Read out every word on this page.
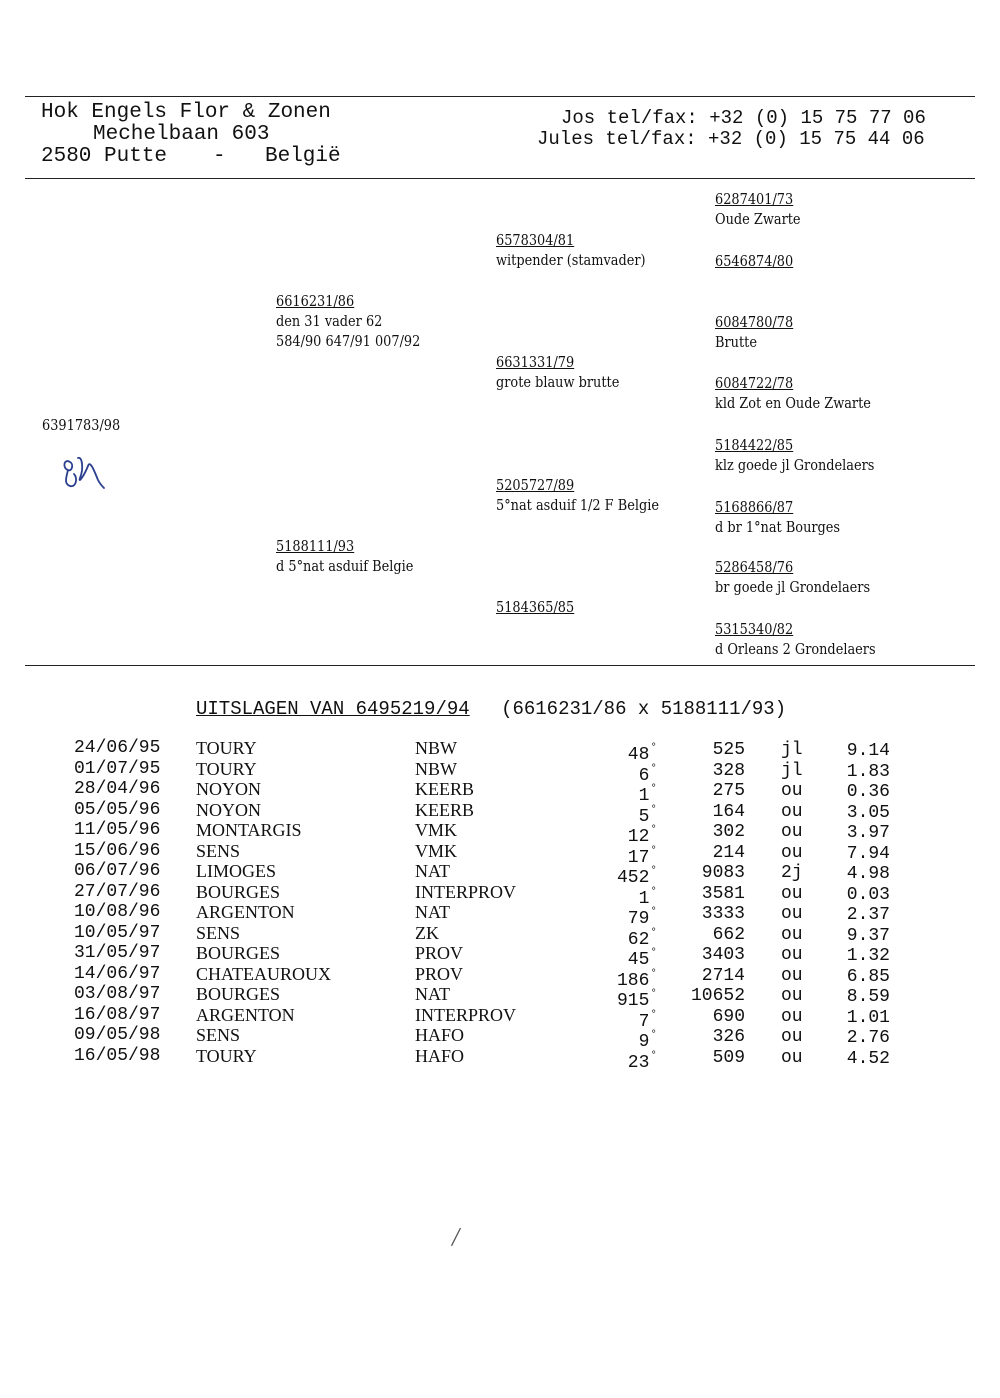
Hok Engels Flor & Zonen
Mechelbaan 603
2580 Putte - België
Jos tel/fax: +32 (0) 15 75 77 06
Jules tel/fax: +32 (0) 15 75 44 06
6391783/98
6616231/86
den 31 vader 62
584/90 647/91 007/92
5188111/93
d 5°nat asduif Belgie
6578304/81
witpender (stamvader)
6631331/79
grote blauw brutte
5205727/89
5°nat asduif 1/2 F Belgie
5184365/85
6287401/73
Oude Zwarte
6546874/80
6084780/78
Brutte
6084722/78
kld Zot en Oude Zwarte
5184422/85
klz goede jl Grondelaers
5168866/87
d br 1°nat Bourges
5286458/76
br goede jl Grondelaers
5315340/82
d Orleans 2 Grondelaers
UITSLAGEN VAN 6495219/94 (6616231/86 x 5188111/93)
24/06/95 TOURY	NBW	48°	525 jl 9.14
01/07/95 TOURY	NBW	6°	328 jl 1.83
28/04/96 NOYON	KEERB	1°	275 ou 0.36
05/05/96 NOYON	KEERB	5°	164 ou 3.05
11/05/96 MONTARGIS	VMK	12°	302 ou 3.97
15/06/96 SENS	VMK	17°	214 ou 7.94
06/07/96 LIMOGES	NAT	452° 9083 2j 4.98
27/07/96 BOURGES	INTERPROV	1° 3581 ou 0.03
10/08/96 ARGENTON	NAT	79° 3333 ou 2.37
10/05/97 SENS	ZK	62°	662 ou 9.37
31/05/97 BOURGES	PROV	45° 3403 ou 1.32
14/06/97 CHATEAUROUX	PROV	186° 2714 ou 6.85
03/08/97 BOURGES	NAT	915° 10652 ou 8.59
16/08/97 ARGENTON	INTERPROV	7°	690 ou 1.01
09/05/98 SENS	HAFO	9°	326 ou 2.76
16/05/98 TOURY	HAFO	23°	509 ou 4.52
/
